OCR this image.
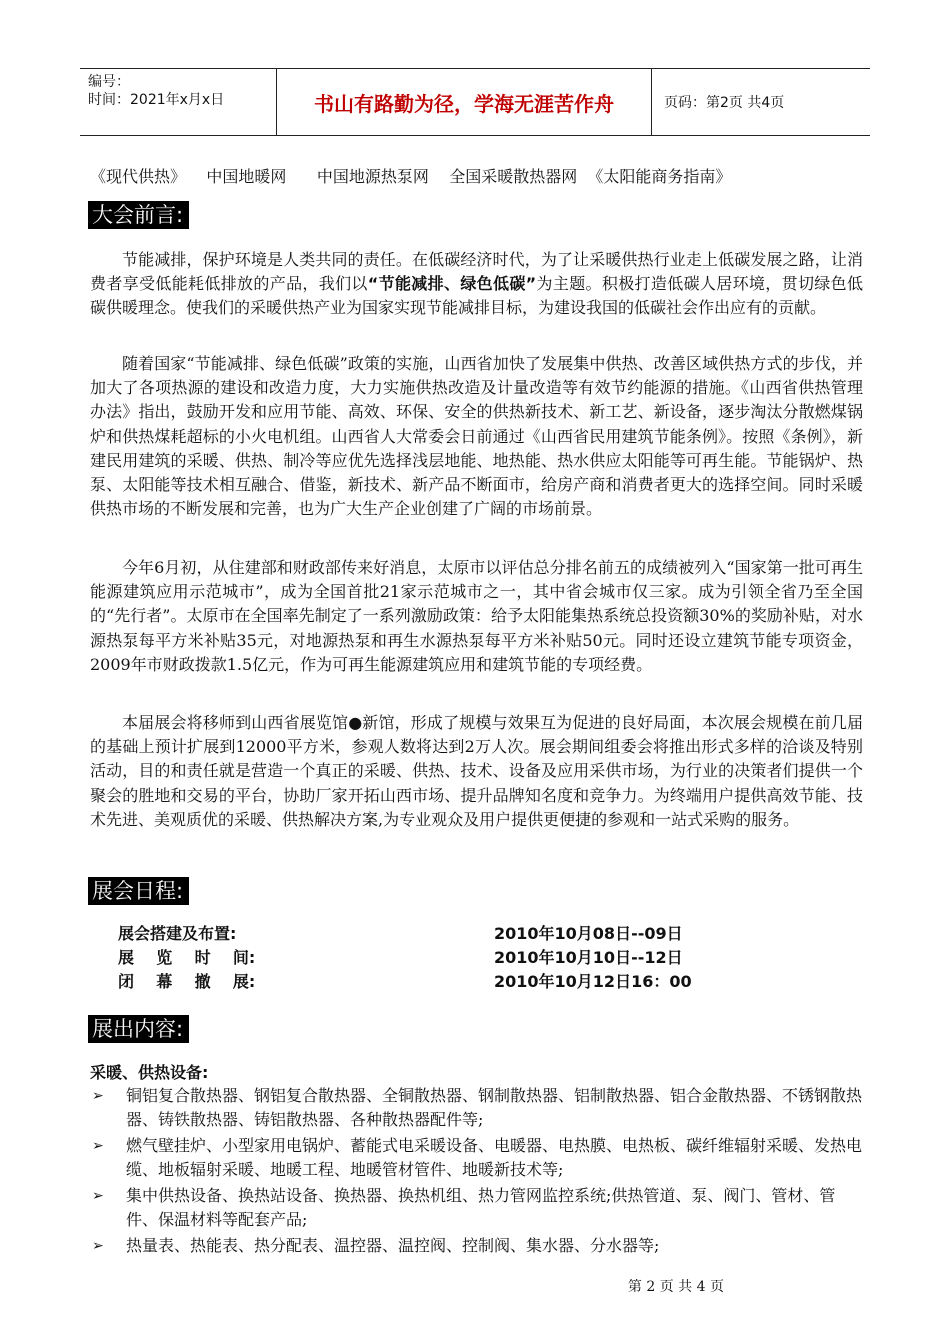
编号：
时间：2021年x月x日	书山有路勤为径，学海无涯苦作舟	页码：第2页 共4页
《现代供热》    中国地暖网      中国地源热泵网    全国采暖散热器网  《太阳能商务指南》
大会前言:

节能减排，保护环境是人类共同的责任。在低碳经济时代，为了让采暖供热行业走上低碳发展之路，让消费者享受低能耗低排放的产品，我们以“节能减排、绿色低碳”为主题。积极打造低碳人居环境，贯切绿色低碳供暖理念。使我们的采暖供热产业为国家实现节能减排目标，为建设我国的低碳社会作出应有的贡献。

随着国家“节能减排、绿色低碳”政策的实施，山西省加快了发展集中供热、改善区域供热方式的步伐，并加大了各项热源的建设和改造力度，大力实施供热改造及计量改造等有效节约能源的措施。《山西省供热管理办法》指出，鼓励开发和应用节能、高效、环保、安全的供热新技术、新工艺、新设备，逐步淘汰分散燃煤锅炉和供热煤耗超标的小火电机组。山西省人大常委会日前通过《山西省民用建筑节能条例》。按照《条例》，新建民用建筑的采暖、供热、制冷等应优先选择浅层地能、地热能、热水供应太阳能等可再生能。节能锅炉、热泵、太阳能等技术相互融合、借鉴，新技术、新产品不断面市，给房产商和消费者更大的选择空间。同时采暖供热市场的不断发展和完善，也为广大生产企业创建了广阔的市场前景。

今年6月初，从住建部和财政部传来好消息，太原市以评估总分排名前五的成绩被列入“国家第一批可再生能源建筑应用示范城市”，成为全国首批21家示范城市之一，其中省会城市仅三家。成为引领全省乃至全国的“先行者”。太原市在全国率先制定了一系列激励政策：给予太阳能集热系统总投资额30%的奖励补贴，对水源热泵每平方米补贴35元，对地源热泵和再生水源热泵每平方米补贴50元。同时还设立建筑节能专项资金，2009年市财政拨款1.5亿元，作为可再生能源建筑应用和建筑节能的专项经费。

本届展会将移师到山西省展览馆●新馆，形成了规模与效果互为促进的良好局面，本次展会规模在前几届的基础上预计扩展到12000平方米，参观人数将达到2万人次。展会期间组委会将推出形式多样的洽谈及特别活动，目的和责任就是营造一个真正的采暖、供热、技术、设备及应用采供市场，为行业的决策者们提供一个聚会的胜地和交易的平台，协助厂家开拓山西市场、提升品牌知名度和竞争力。为终端用户提供高效节能、技术先进、美观质优的采暖、供热解决方案,为专业观众及用户提供更便捷的参观和一站式采购的服务。

展会日程:
展会搭建及布置:	2010年10月08日--09日
展    览    时    间:	2010年10月10日--12日
闭    幕    撤    展:	2010年10月12日16：00
展出内容:
采暖、供热设备:
➢	铜铝复合散热器、钢铝复合散热器、全铜散热器、钢制散热器、铝制散热器、铝合金散热器、不锈钢散热器、铸铁散热器、铸铝散热器、各种散热器配件等;
➢	燃气壁挂炉、小型家用电锅炉、蓄能式电采暖设备、电暖器、电热膜、电热板、碳纤维辐射采暖、发热电缆、地板辐射采暖、地暖工程、地暖管材管件、地暖新技术等;
➢	集中供热设备、换热站设备、换热器、换热机组、热力管网监控系统;供热管道、泵、阀门、管材、管件、保温材料等配套产品;
➢	热量表、热能表、热分配表、温控器、温控阀、控制阀、集水器、分水器等;
第 2 页 共 4 页
